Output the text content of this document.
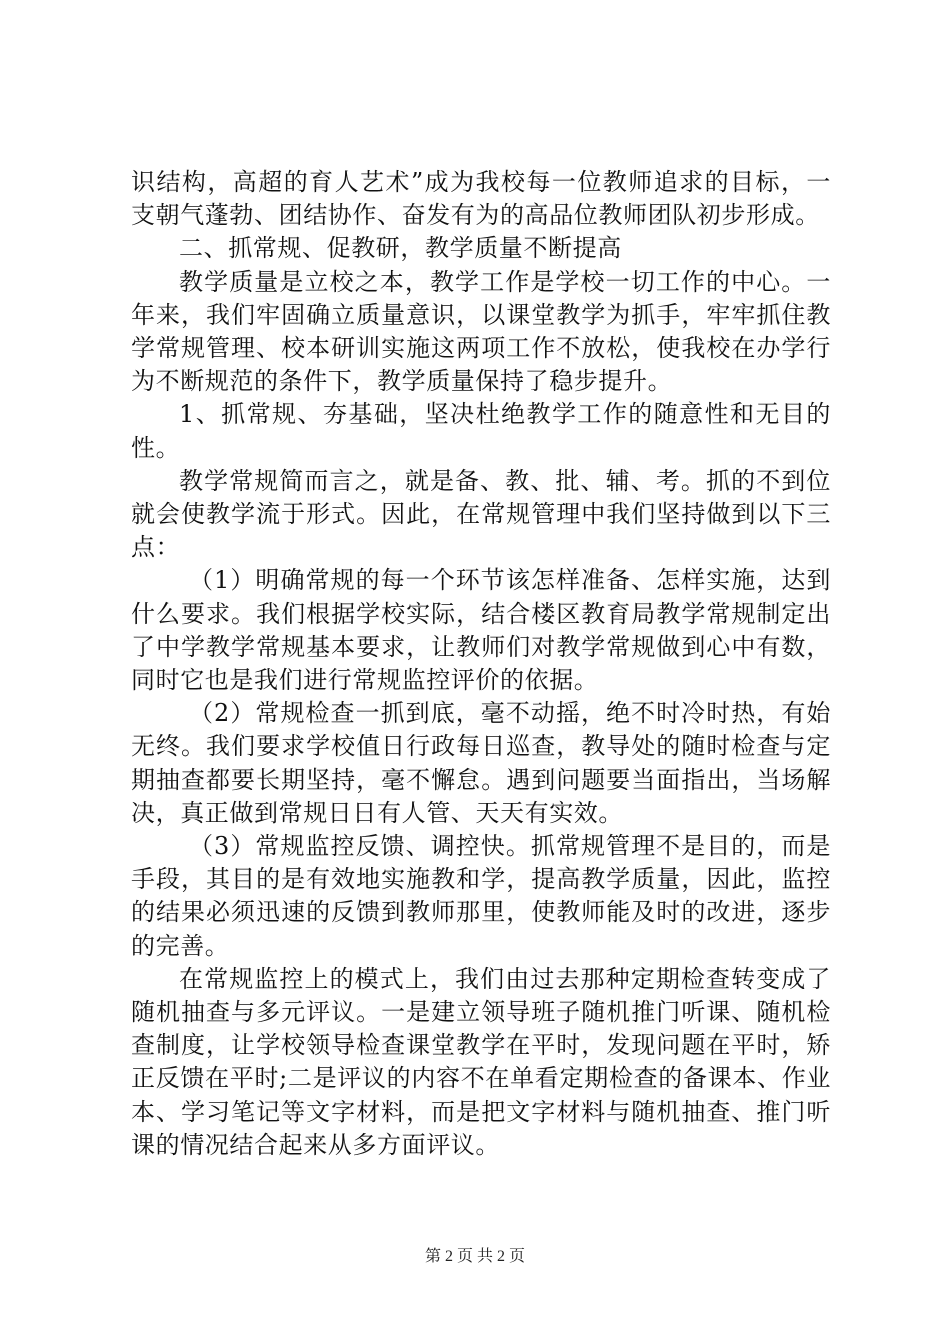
识结构，高超的育人艺术”成为我校每一位教师追求的目标，一支朝气蓬勃、团结协作、奋发有为的高品位教师团队初步形成。

二、抓常规、促教研，教学质量不断提高

教学质量是立校之本，教学工作是学校一切工作的中心。一年来，我们牢固确立质量意识，以课堂教学为抓手，牢牢抓住教学常规管理、校本研训实施这两项工作不放松，使我校在办学行为不断规范的条件下，教学质量保持了稳步提升。

1、抓常规、夯基础，坚决杜绝教学工作的随意性和无目的性。

教学常规简而言之，就是备、教、批、辅、考。抓的不到位就会使教学流于形式。因此，在常规管理中我们坚持做到以下三点：

（1）明确常规的每一个环节该怎样准备、怎样实施，达到什么要求。我们根据学校实际，结合楼区教育局教学常规制定出了中学教学常规基本要求，让教师们对教学常规做到心中有数，同时它也是我们进行常规监控评价的依据。

（2）常规检查一抓到底，毫不动摇，绝不时冷时热，有始无终。我们要求学校值日行政每日巡查，教导处的随时检查与定期抽查都要长期坚持，毫不懈怠。遇到问题要当面指出，当场解决，真正做到常规日日有人管、天天有实效。

（3）常规监控反馈、调控快。抓常规管理不是目的，而是手段，其目的是有效地实施教和学，提高教学质量，因此，监控的结果必须迅速的反馈到教师那里，使教师能及时的改进，逐步的完善。

在常规监控上的模式上，我们由过去那种定期检查转变成了随机抽查与多元评议。一是建立领导班子随机推门听课、随机检查制度，让学校领导检查课堂教学在平时，发现问题在平时，矫正反馈在平时;二是评议的内容不在单看定期检查的备课本、作业本、学习笔记等文字材料，而是把文字材料与随机抽查、推门听课的情况结合起来从多方面评议。

第 2 页 共 2 页
